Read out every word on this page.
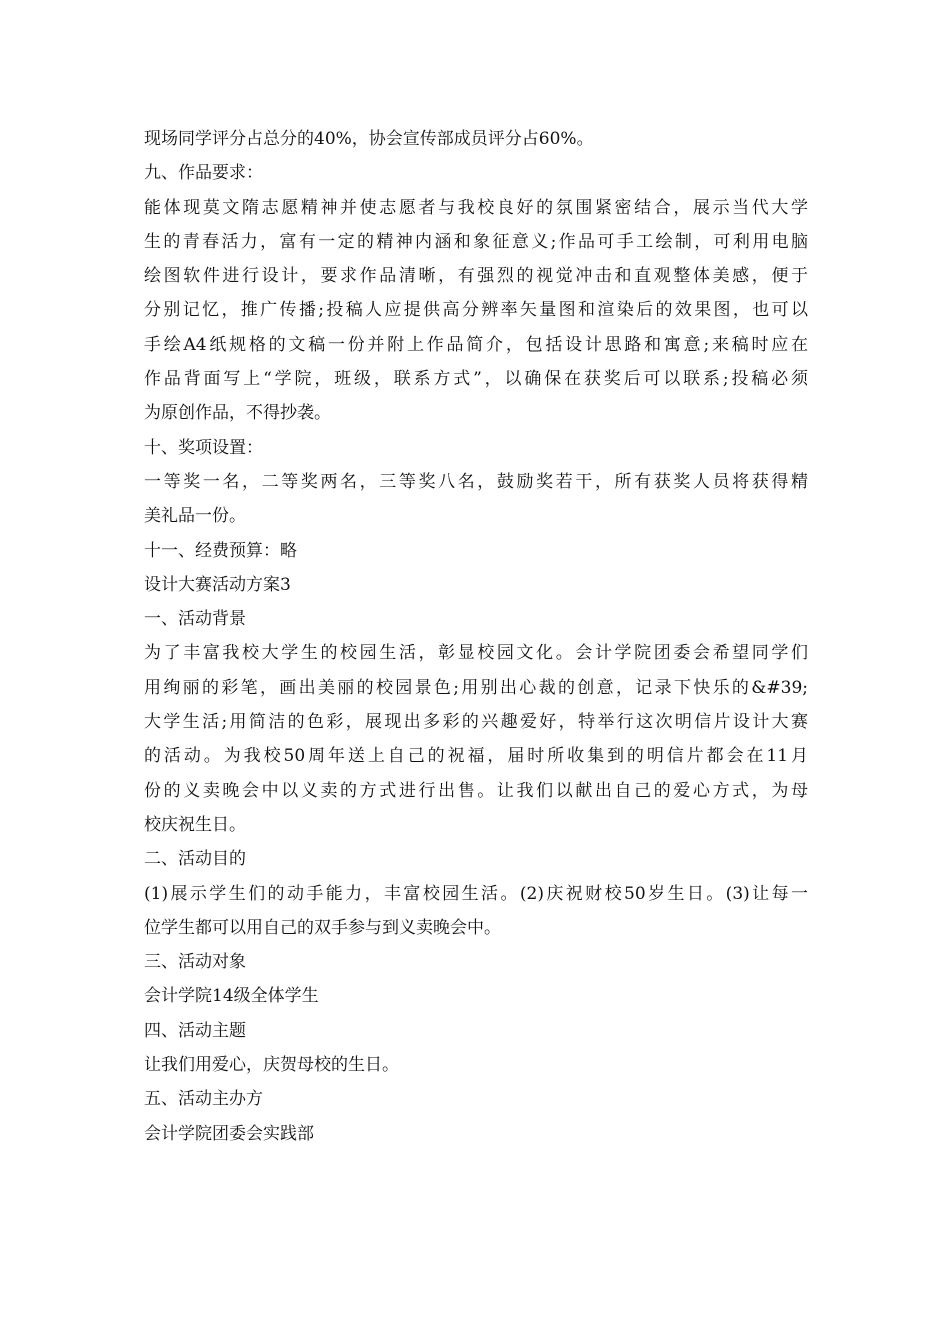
现场同学评分占总分的40%，协会宣传部成员评分占60%。
九、作品要求：
能体现莫文隋志愿精神并使志愿者与我校良好的氛围紧密结合，展示当代大学
生的青春活力，富有一定的精神内涵和象征意义;作品可手工绘制，可利用电脑
绘图软件进行设计，要求作品清晰，有强烈的视觉冲击和直观整体美感，便于
分别记忆，推广传播;投稿人应提供高分辨率矢量图和渲染后的效果图，也可以
手绘A4纸规格的文稿一份并附上作品简介，包括设计思路和寓意;来稿时应在
作品背面写上“学院，班级，联系方式”，以确保在获奖后可以联系;投稿必须
为原创作品，不得抄袭。
十、奖项设置：
一等奖一名，二等奖两名，三等奖八名，鼓励奖若干，所有获奖人员将获得精
美礼品一份。
十一、经费预算：略
设计大赛活动方案3
一、活动背景
为了丰富我校大学生的校园生活，彰显校园文化。会计学院团委会希望同学们
用绚丽的彩笔，画出美丽的校园景色;用别出心裁的创意，记录下快乐的&#39;
大学生活;用简洁的色彩，展现出多彩的兴趣爱好，特举行这次明信片设计大赛
的活动。为我校50周年送上自己的祝福，届时所收集到的明信片都会在11月
份的义卖晚会中以义卖的方式进行出售。让我们以献出自己的爱心方式，为母
校庆祝生日。
二、活动目的
(1)展示学生们的动手能力，丰富校园生活。(2)庆祝财校50岁生日。(3)让每一
位学生都可以用自己的双手参与到义卖晚会中。
三、活动对象
会计学院14级全体学生
四、活动主题
让我们用爱心，庆贺母校的生日。
五、活动主办方
会计学院团委会实践部
